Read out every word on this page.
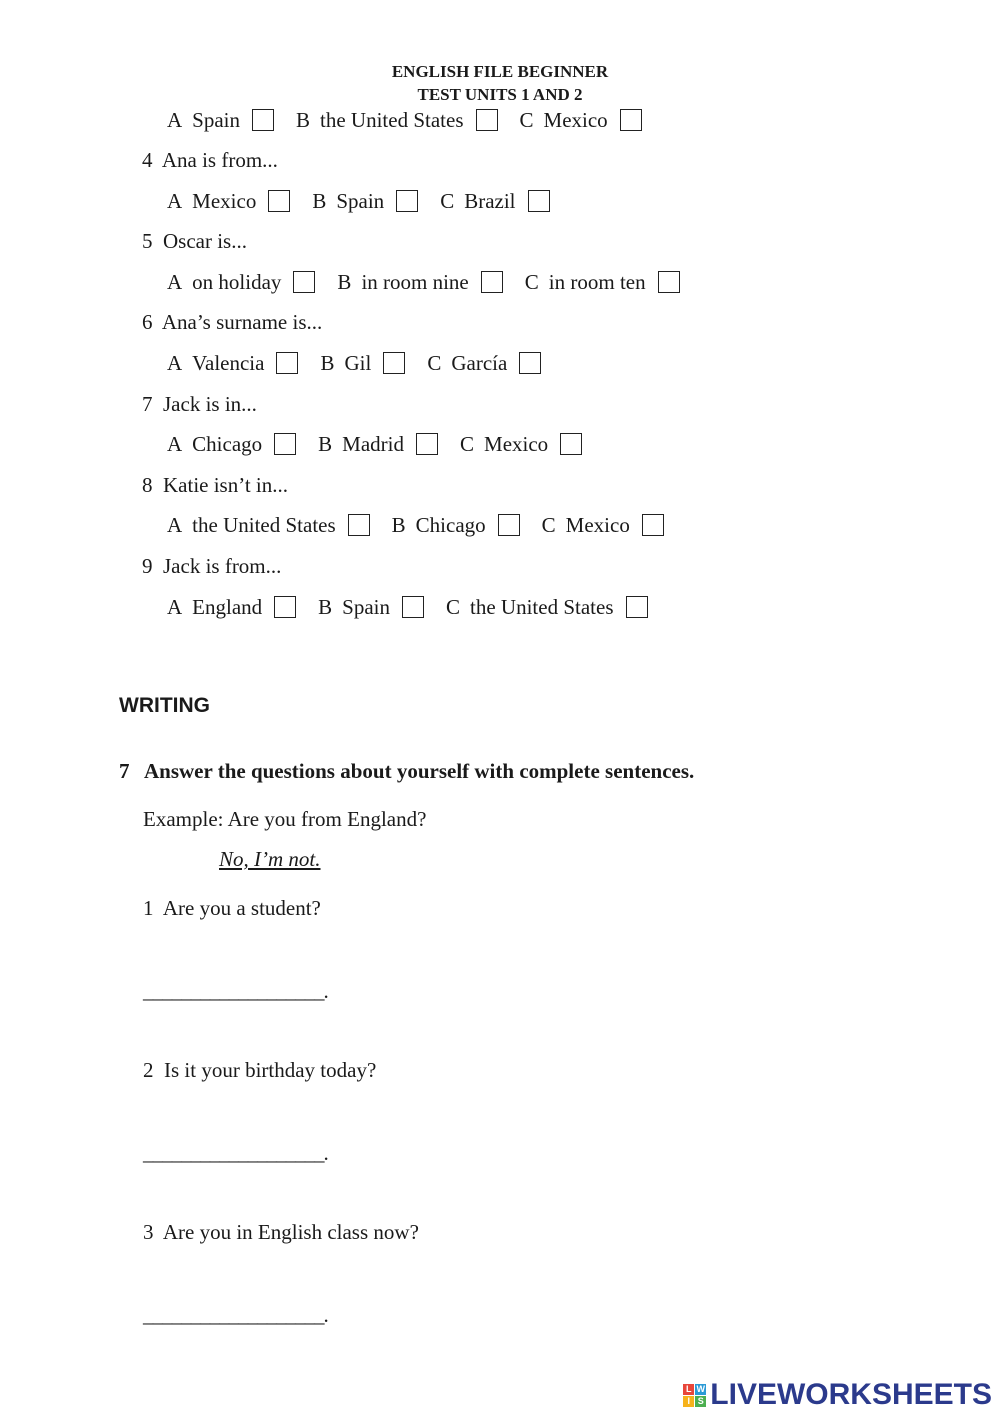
ENGLISH FILE BEGINNER
TEST UNITS 1 AND 2
A Spain	B the United States	C Mexico
4 Ana is from...
A Mexico	B Spain	C Brazil
5 Oscar is...
A on holiday	B in room nine	C in room ten
6 Ana’s surname is...
A Valencia	B Gil	C García
7 Jack is in...
A Chicago	B Madrid	C Mexico
8 Katie isn’t in...
A the United States	B Chicago	C Mexico
9 Jack is from...
A England	B Spain	C the United States
WRITING
7 Answer the questions about yourself with complete sentences.
Example: Are you from England?
No, I’m not.
1 Are you a student?
___________________.
2 Is it your birthday today?
___________________.
3 Are you in English class now?
___________________.
L W
I S LIVEWORKSHEETS
